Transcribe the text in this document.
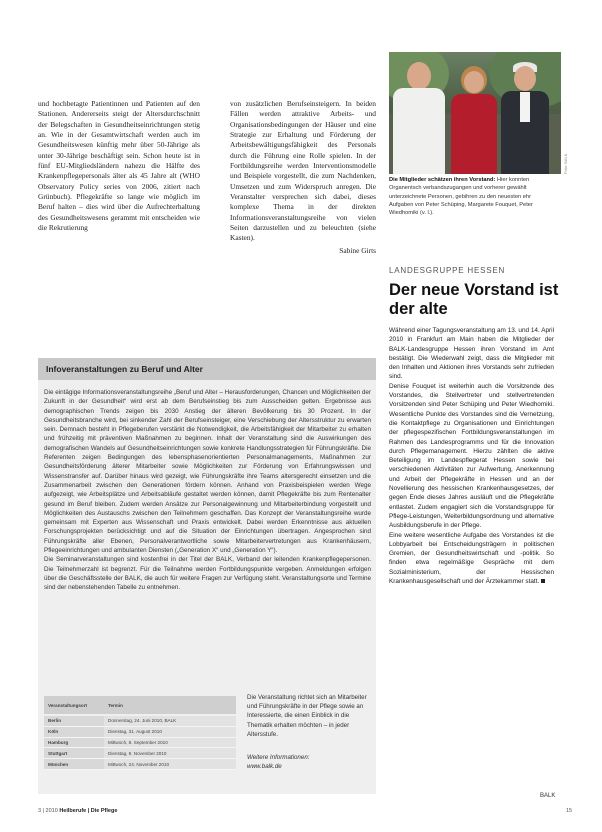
und hochbetagte Patientinnen und Patienten auf den Stationen. Andererseits steigt der Altersdurchschnitt der Belegschaften in Gesundheitseinrichtungen stetig an. Wie in der Gesamtwirtschaft werden auch im Gesundheitswesen künftig mehr über 50-Jährige als unter 30-Jährige beschäftigt sein. Schon heute ist in fünf EU-Mitgliedsländern nahezu die Hälfte des Krankenpflegepersonals älter als 45 Jahre alt (WHO Observatory Policy series von 2006, zitiert nach Grünbuch). Pflegekräfte so lange wie möglich im Beruf halten – dies wird über die Aufrechterhaltung des Gesundheitswesens gerammt mit entscheiden wie die Rekrutierung

von zusätzlichen Berufseinsteigern. In beiden Fällen werden attraktive Arbeits- und Organisationsbedingungen der Häuser und eine Strategie zur Erhaltung und Förderung der Arbeitsbewältigungsfähigkeit des Personals durch die Führung eine Rolle spielen. In der Fortbildungsreihe werden Interventionsmodelle und Beispiele vorgestellt, die zum Nachdenken, Umsetzen und zum Widerspruch anregen. Die Veranstalter versprechen sich dabei, dieses komplexe Thema in der direkten Informationsveranstaltungsreihe von vielen Seiten darzustellen und zu beleuchten (siehe Kasten).

Sabine Girts

Foto: BALK
Die Mitglieder schätzen ihren Vorstand: Hier konnten Organentsch verbandszugangen und vorherer gewählt unterzeichnete Personen, gebihren zu den neuesten ehr Aufgaben von Peter Schüping, Margarete Fouquet, Peter Wiedhomiki (v. l.).
LANDESGRUPPE HESSEN
Der neue Vorstand ist der alte

Während einer Tagungsveranstaltung am 13. und 14. April 2010 in Frankfurt am Main haben die Mitglieder der BALK-Landesgruppe Hessen ihren Vorstand im Amt bestätigt. Die Wiederwahl zeigt, dass die Mitglieder mit den Inhalten und Aktionen ihres Vorstands sehr zufrieden sind.

Denise Fouquet ist weiterhin auch die Vorsitzende des Vorstandes, die Stellvertreter und stellvertretenden Vorsitzenden sind Peter Schüping und Peter Wiedhomiki. Wesentliche Punkte des Vorstandes sind die Vernetzung, die Kontaktpflege zu Organisationen und Einrichtungen der pflegespezifischen Fortbildungsveranstaltungen im Rahmen des Landesprogramms und für die Innovation durch Pflegemanagement. Hierzu zählten die aktive Beteiligung im Landespflegerat Hessen sowie bei verschiedenen Aktivitäten zur Aufwertung, Anerkennung und Arbeit der Pflegekräfte in Hessen und an der Novellierung des hessischen Krankenhausgesetzes, der gegen Ende dieses Jahres ausläuft und die Pflegekräfte entlastet. Zudem engagiert sich die Vorstandsgruppe für Pflege-Leistungen, Weiterbildungsordnung und alternative Ausbildungsberufe in der Pflege.

Eine weitere wesentliche Aufgabe des Vorstandes ist die Lobbyarbeit bei Entscheidungsträgern in politischen Gremien, der Gesundheitswirtschaft und -politik. So finden etwa regelmäßige Gespräche mit dem Sozialministerium, der Hessischen Krankenhausgesellschaft und der Ärztekammer statt.

BALK
Infoveranstaltungen zu Beruf und Alter

Die eintägige Informationsveranstaltungsreihe „Beruf und Alter – Herausforderungen, Chancen und Möglichkeiten der Zukunft in der Gesundheit“ wird erst ab dem Berufseinstieg bis zum Ausscheiden gelten. Ergebnisse aus demographischen Trends zeigen bis 2030 Anstieg der älteren Bevölkerung bis 30 Prozent. In der Gesundheitsbranche wird, bei sinkender Zahl der Berufseinsteiger, eine Verschiebung der Altersstruktur zu erwarten sein. Demnach besteht in Pflegeberufen verstärkt die Notwendigkeit, die Arbeitsfähigkeit der Mitarbeiter zu erhalten und frühzeitig mit präventiven Maßnahmen zu beginnen. Inhalt der Veranstaltung sind die Auswirkungen des demografischen Wandels auf Gesundheitseinrichtungen sowie konkrete Handlungsstrategien für Führungskräfte. Die Referenten zeigen Bedingungen des lebensphasenorientierten Personalmanagements, Maßnahmen zur Gesundheitsförderung älterer Mitarbeiter sowie Möglichkeiten zur Förderung von Erfahrungswissen und Wissenstransfer auf. Darüber hinaus wird gezeigt, wie Führungskräfte ihre Teams altersgerecht einsetzen und die Zusammenarbeit zwischen den Generationen fördern können. Anhand von Praxisbeispielen werden Wege aufgezeigt, wie Arbeitsplätze und Arbeitsabläufe gestaltet werden können, damit Pflegekräfte bis zum Rentenalter gesund im Beruf bleiben. Zudem werden Ansätze zur Personalgewinnung und Mitarbeiterbindung vorgestellt und Möglichkeiten des Austauschs zwischen den Teilnehmern geschaffen. Das Konzept der Veranstaltungsreihe wurde gemeinsam mit Experten aus Wissenschaft und Praxis entwickelt. Dabei werden Erkenntnisse aus aktuellen Forschungsprojekten berücksichtigt und auf die Situation der Einrichtungen übertragen. Angesprochen sind Führungskräfte aller Ebenen, Personalverantwortliche sowie Mitarbeitervertretungen aus Krankenhäusern, Pflegeeinrichtungen und ambulanten Diensten („Generation X“ und „Generation Y“).

Die Seminarveranstaltungen sind kostenfrei in der Titel der BALK, Verband der leitenden Krankenpflegepersonen. Die Teilnehmerzahl ist begrenzt. Für die Teilnahme werden Fortbildungspunkte vergeben. Anmeldungen erfolgen über die Geschäftsstelle der BALK, die auch für weitere Fragen zur Verfügung steht. Veranstaltungsorte und Termine sind der nebenstehenden Tabelle zu entnehmen.

Veranstaltungsort	Termin
Berlin	Donnerstag, 24. Juni 2010, BALK
Köln	Dienstag, 31. August 2010
Hamburg	Mittwoch, 8. September 2010
Stuttgart	Dienstag, 9. November 2010
München	Mittwoch, 24. November 2010

Die Veranstaltung richtet sich an Mitarbeiter und Führungskräfte in der Pflege sowie an Interessierte, die einen Einblick in die Thematik erhalten möchten – in jeder Altersstufe.

Weitere Informationen:
www.balk.de

3 | 2010 Heilberufe | Die Pflege	15
